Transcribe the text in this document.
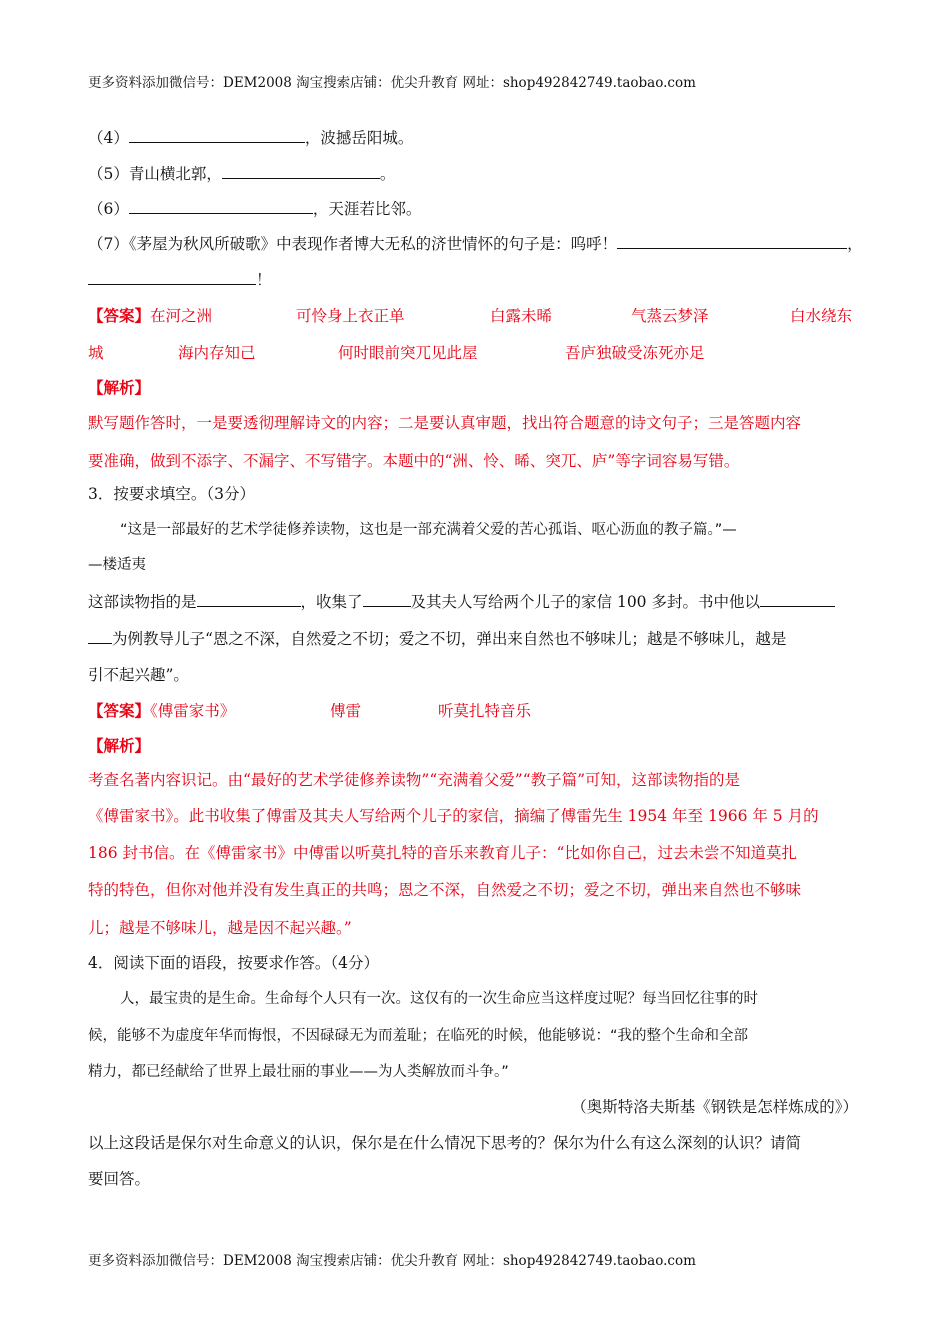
更多资料添加微信号：DEM2008 淘宝搜索店铺：优尖升教育 网址：shop492842749.taobao.com
（4）	，波撼岳阳城。
（5）青山横北郭，	。
（6）	，天涯若比邻。
（7）《茅屋为秋风所破歌》中表现作者博大无私的济世情怀的句子是：呜呼！	，
！
【答案】在河之洲	可怜身上衣正单	白露未晞	气蒸云梦泽	白水绕东
城	海内存知己	何时眼前突兀见此屋	吾庐独破受冻死亦足
【解析】
默写题作答时，一是要透彻理解诗文的内容；二是要认真审题，找出符合题意的诗文句子；三是答题内容
要准确，做到不添字、不漏字、不写错字。本题中的“洲、怜、晞、突兀、庐”等字词容易写错。
3．按要求填空。（3分）
“这是一部最好的艺术学徒修养读物，这也是一部充满着父爱的苦心孤诣、呕心沥血的教子篇。”—
—楼适夷
这部读物指的是	，收集了	及其夫人写给两个儿子的家信 100 多封。书中他以
为例教导儿子“恩之不深，自然爱之不切；爱之不切，弹出来自然也不够味儿；越是不够味儿，越是
引不起兴趣”。
【答案】《傅雷家书》	傅雷	听莫扎特音乐
【解析】
考查名著内容识记。由“最好的艺术学徒修养读物”“充满着父爱”“教子篇”可知，这部读物指的是
《傅雷家书》。此书收集了傅雷及其夫人写给两个儿子的家信，摘编了傅雷先生 1954 年至 1966 年 5 月的
186 封书信。在《傅雷家书》中傅雷以听莫扎特的音乐来教育儿子：“比如你自己，过去未尝不知道莫扎
特的特色，但你对他并没有发生真正的共鸣；恩之不深，自然爱之不切；爱之不切，弹出来自然也不够味
儿；越是不够味儿，越是因不起兴趣。”
4．阅读下面的语段，按要求作答。（4分）
人，最宝贵的是生命。生命每个人只有一次。这仅有的一次生命应当这样度过呢？每当回忆往事的时
候，能够不为虚度年华而悔恨，不因碌碌无为而羞耻；在临死的时候，他能够说：“我的整个生命和全部
精力，都已经献给了世界上最壮丽的事业——为人类解放而斗争。”
（奥斯特洛夫斯基《钢铁是怎样炼成的》）
以上这段话是保尔对生命意义的认识，保尔是在什么情况下思考的？保尔为什么有这么深刻的认识？请简
要回答。
更多资料添加微信号：DEM2008 淘宝搜索店铺：优尖升教育 网址：shop492842749.taobao.com
